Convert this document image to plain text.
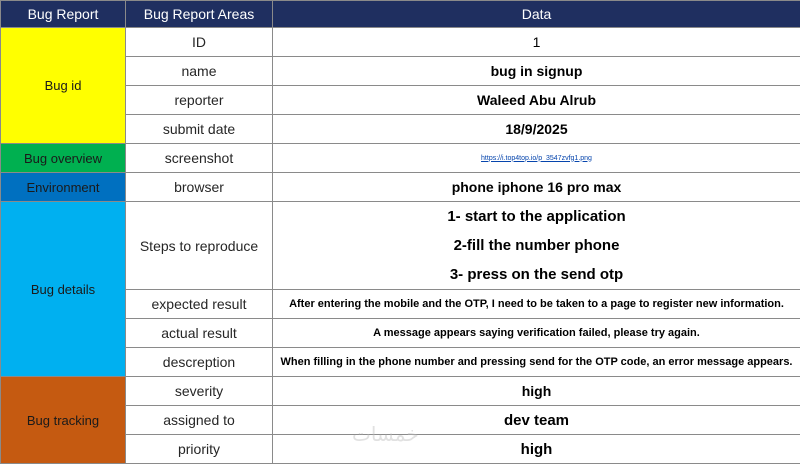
Bug Report	Bug Report Areas	Data
Bug id	ID	1
	name	bug in signup
	reporter	Waleed Abu Alrub
	submit date	18/9/2025
Bug overview	screenshot	https://i.top4top.io/p_3547zvfg1.png
Environment	browser	phone iphone 16 pro max
Bug details	Steps to reproduce	1- start to the application
2-fill the number phone
3- press on the send otp

	expected result	After entering the mobile and the OTP, I need to be taken to a page to register new information.
	actual result	A message appears saying verification failed, please try again.
	descreption	When filling in the phone number and pressing send for the OTP code, an error message appears.
Bug tracking	severity	high
	assigned to	dev team
	priority	high
خمسات
